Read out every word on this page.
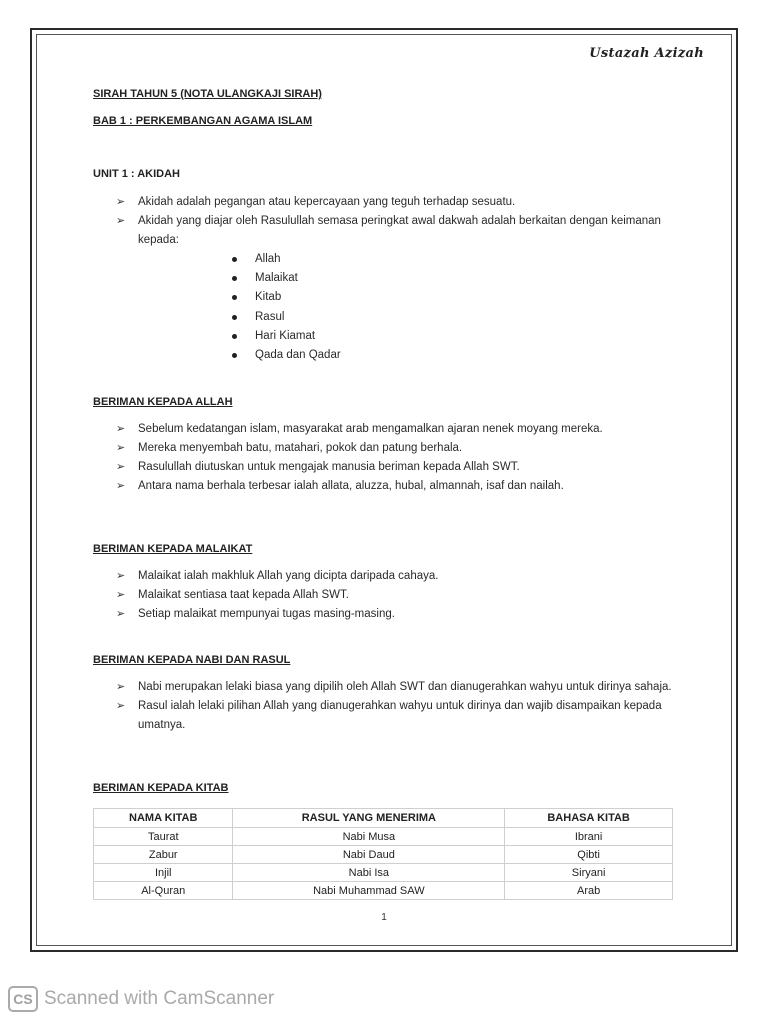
Ustazah Azizah
SIRAH TAHUN 5 (NOTA ULANGKAJI SIRAH)
BAB 1 : PERKEMBANGAN AGAMA ISLAM
UNIT 1 : AKIDAH
➢ Akidah adalah pegangan atau kepercayaan yang teguh terhadap sesuatu.
➢ Akidah yang diajar oleh Rasulullah semasa peringkat awal dakwah adalah berkaitan dengan keimanan kepada:
Allah
Malaikat
Kitab
Rasul
Hari Kiamat
Qada dan Qadar
BERIMAN KEPADA ALLAH
➢ Sebelum kedatangan islam, masyarakat arab mengamalkan ajaran nenek moyang mereka.
➢ Mereka menyembah batu, matahari, pokok dan patung berhala.
➢ Rasulullah diutuskan untuk mengajak manusia beriman kepada Allah SWT.
➢ Antara nama berhala terbesar ialah allata, aluzza, hubal, almannah, isaf dan nailah.
BERIMAN KEPADA MALAIKAT
➢ Malaikat ialah makhluk Allah yang dicipta daripada cahaya.
➢ Malaikat sentiasa taat kepada Allah SWT.
➢ Setiap malaikat mempunyai tugas masing-masing.
BERIMAN KEPADA NABI DAN RASUL
➢ Nabi merupakan lelaki biasa yang dipilih oleh Allah SWT dan dianugerahkan wahyu untuk dirinya sahaja.
➢ Rasul ialah lelaki pilihan Allah yang dianugerahkan wahyu untuk dirinya dan wajib disampaikan kepada umatnya.
BERIMAN KEPADA KITAB
NAMA KITAB	RASUL YANG MENERIMA	BAHASA KITAB
Taurat	Nabi Musa	Ibrani
Zabur	Nabi Daud	Qibti
Injil	Nabi Isa	Siryani
Al-Quran	Nabi Muhammad SAW	Arab
1
CS Scanned with CamScanner
